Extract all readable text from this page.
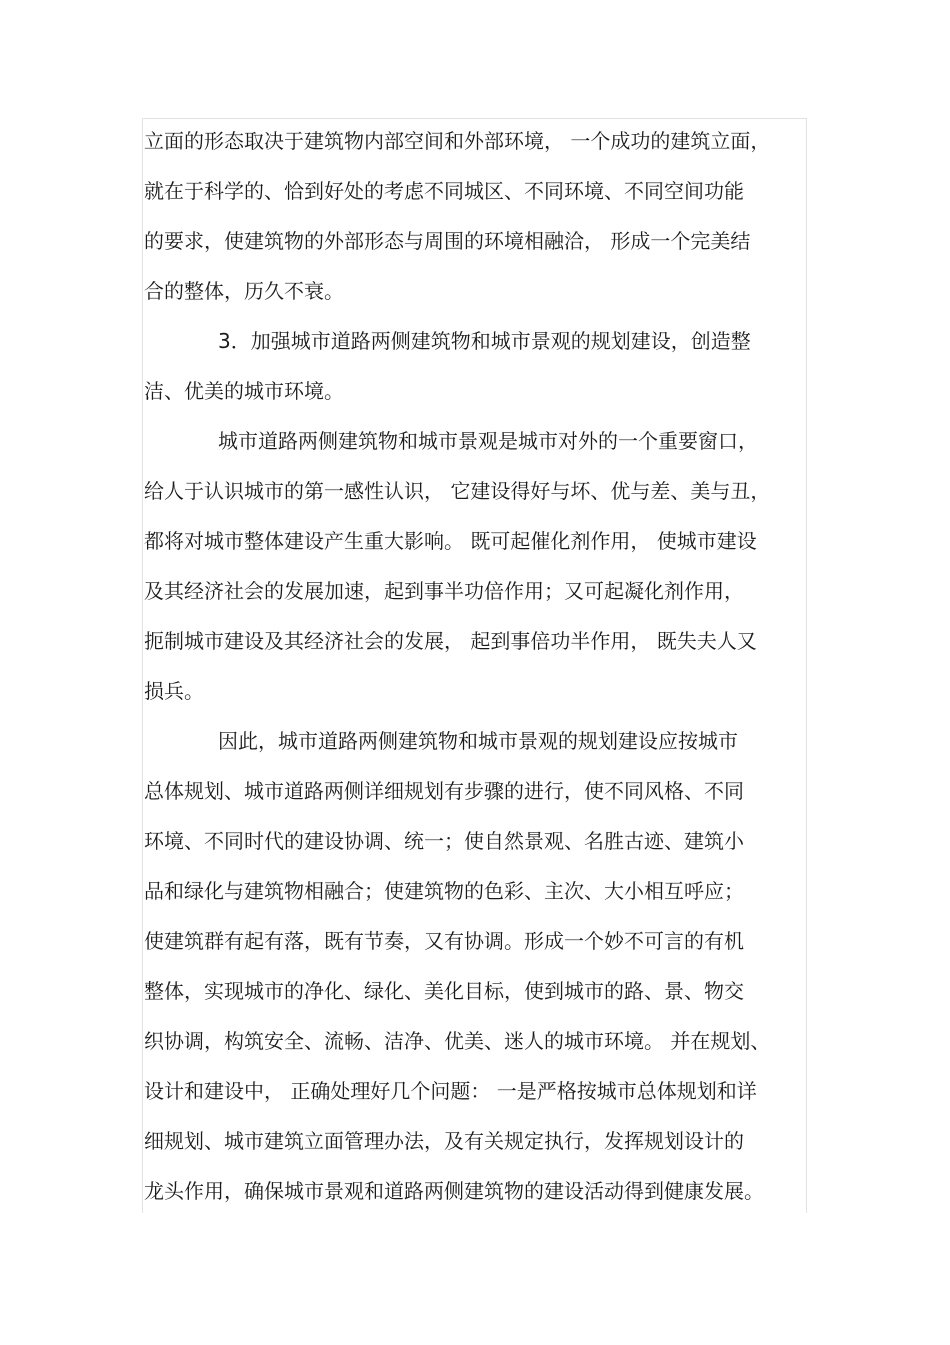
立面的形态取决于建筑物内部空间和外部环境， 一个成功的建筑立面，
就在于科学的、恰到好处的考虑不同城区、不同环境、不同空间功能
的要求，使建筑物的外部形态与周围的环境相融洽， 形成一个完美结
合的整体，历久不衰。
3．加强城市道路两侧建筑物和城市景观的规划建设，创造整
洁、优美的城市环境。
城市道路两侧建筑物和城市景观是城市对外的一个重要窗口，
给人于认识城市的第一感性认识， 它建设得好与坏、优与差、美与丑，
都将对城市整体建设产生重大影响。 既可起催化剂作用， 使城市建设
及其经济社会的发展加速，起到事半功倍作用；又可起凝化剂作用，
扼制城市建设及其经济社会的发展， 起到事倍功半作用， 既失夫人又
损兵。
因此，城市道路两侧建筑物和城市景观的规划建设应按城市
总体规划、城市道路两侧详细规划有步骤的进行，使不同风格、不同
环境、不同时代的建设协调、统一；使自然景观、名胜古迹、建筑小
品和绿化与建筑物相融合；使建筑物的色彩、主次、大小相互呼应；
使建筑群有起有落，既有节奏，又有协调。形成一个妙不可言的有机
整体，实现城市的净化、绿化、美化目标，使到城市的路、景、物交
织协调，构筑安全、流畅、洁净、优美、迷人的城市环境。 并在规划、
设计和建设中， 正确处理好几个问题： 一是严格按城市总体规划和详
细规划、城市建筑立面管理办法，及有关规定执行，发挥规划设计的
龙头作用，确保城市景观和道路两侧建筑物的建设活动得到健康发展。
